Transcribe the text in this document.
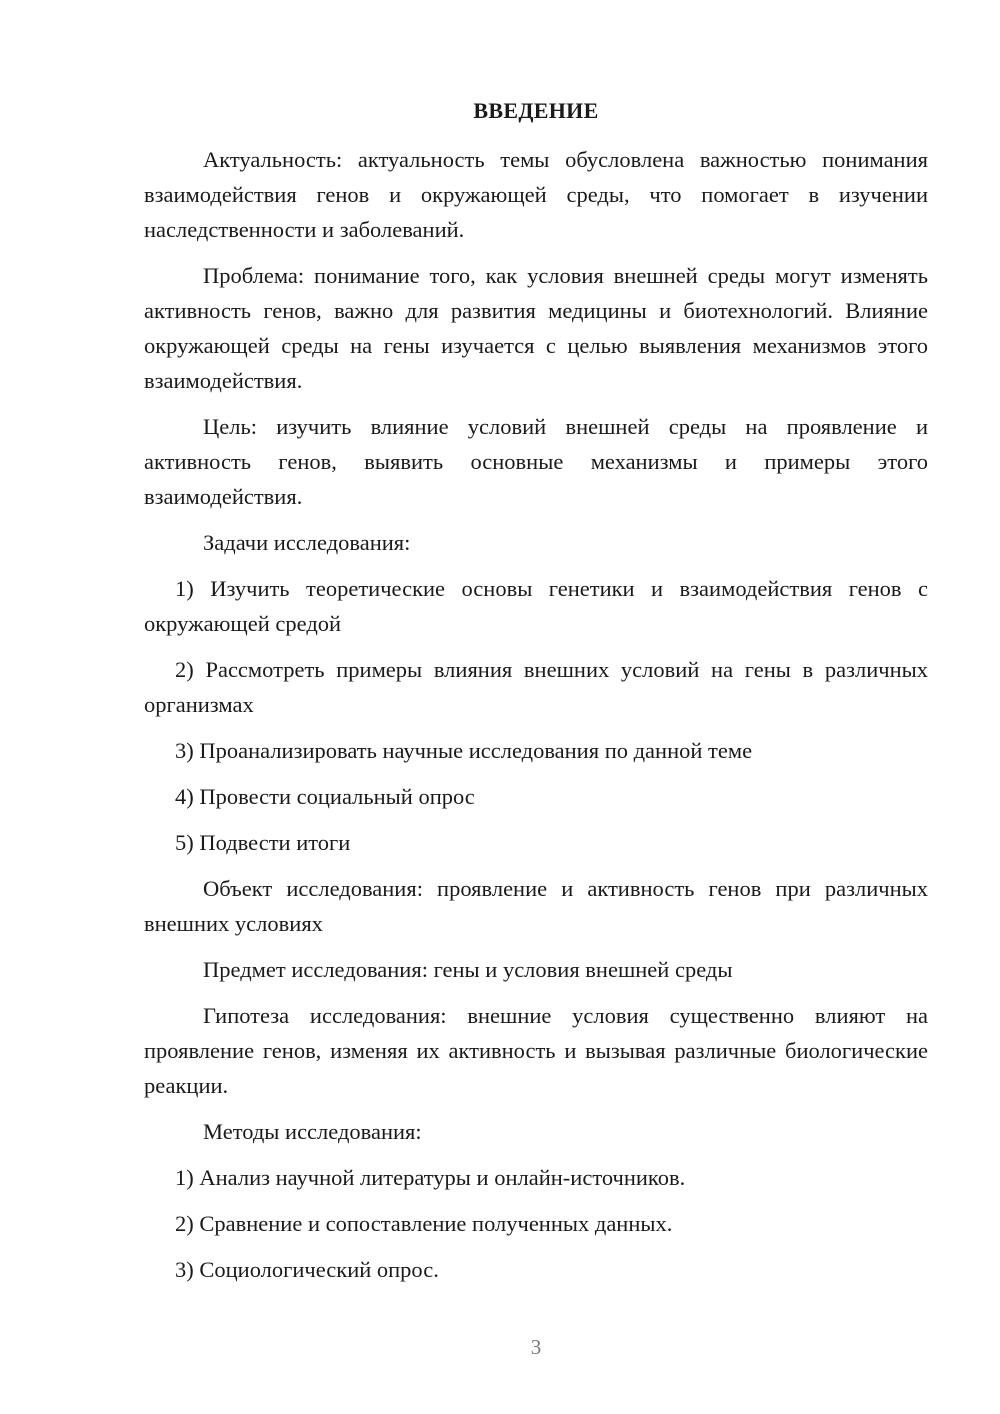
ВВЕДЕНИЕ

Актуальность: актуальность темы обусловлена важностью понимания взаимодействия генов и окружающей среды, что помогает в изучении наследственности и заболеваний.

Проблема: понимание того, как условия внешней среды могут изменять активность генов, важно для развития медицины и биотехнологий. Влияние окружающей среды на гены изучается с целью выявления механизмов этого взаимодействия.

Цель: изучить влияние условий внешней среды на проявление и активность генов, выявить основные механизмы и примеры этого взаимодействия.

Задачи исследования:

1) Изучить теоретические основы генетики и взаимодействия генов с окружающей средой

2) Рассмотреть примеры влияния внешних условий на гены в различных организмах

3) Проанализировать научные исследования по данной теме

4) Провести социальный опрос

5) Подвести итоги

Объект исследования: проявление и активность генов при различных внешних условиях

Предмет исследования: гены и условия внешней среды

Гипотеза исследования: внешние условия существенно влияют на проявление генов, изменяя их активность и вызывая различные биологические реакции.

Методы исследования:

1) Анализ научной литературы и онлайн-источников.

2) Сравнение и сопоставление полученных данных.

3) Социологический опрос.

3
